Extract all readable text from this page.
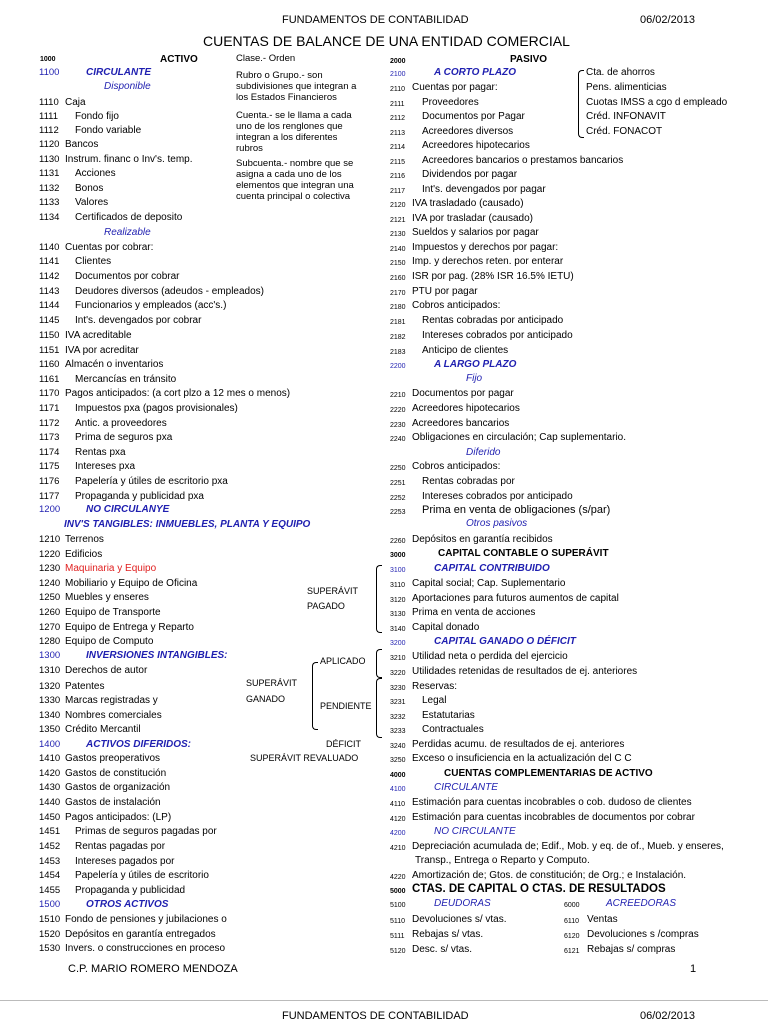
FUNDAMENTOS DE CONTABILIDAD	06/02/2013
CUENTAS DE BALANCE DE UNA ENTIDAD COMERCIAL
1000	ACTIVO
1100	CIRCULANTE
Disponible
1110 Caja
1111 Fondo fijo
1112 Fondo variable
1120 Bancos
1130 Instrum. financ o Inv's. temp.
1131 Acciones
1132 Bonos
1133 Valores
1134 Certificados de deposito
Realizable
1140 Cuentas por cobrar:
1141 Clientes
1142 Documentos por cobrar
1143 Deudores diversos (adeudos - empleados)
1144 Funcionarios y empleados (acc's.)
1145 Int's. devengados por cobrar
1150 IVA acreditable
1151 IVA por acreditar
1160 Almacén o inventarios
1161 Mercancías en tránsito
1170 Pagos anticipados: (a cort plzo a 12 mes o menos)
1171 Impuestos pxa (pagos provisionales)
1172 Antic. a proveedores
1173 Prima de seguros pxa
1174 Rentas pxa
1175 Intereses pxa
1176 Papelería y útiles de escritorio pxa
1177 Propaganda y publicidad pxa
1200	NO CIRCULANYE
INV'S TANGIBLES: INMUEBLES, PLANTA Y EQUIPO
1210 Terrenos
1220 Edificios
1230 Maquinaria y Equipo
1240 Mobiliario y Equipo de Oficina
1250 Muebles y enseres
1260 Equipo de Transporte
1270 Equipo de Entrega y Reparto
1280 Equipo de Computo
1300	INVERSIONES INTANGIBLES:
1310 Derechos de autor
1320 Patentes
1330 Marcas registradas y
1340 Nombres comerciales
1350 Crédito Mercantil
1400	ACTIVOS DIFERIDOS:
1410 Gastos preoperativos
1420 Gastos de constitución
1430 Gastos de organización
1440 Gastos de instalación
1450 Pagos anticipados: (LP)
1451 Primas de seguros pagadas por
1452 Rentas pagadas por
1453 Intereses pagados por
1454 Papelería y útiles de escritorio
1455 Propaganda y publicidad
1500	OTROS ACTIVOS
1510 Fondo de pensiones y jubilaciones o
1520 Depósitos en garantía entregados
1530 Invers. o construcciones en proceso
Clase.- Orden
Rubro o Grupo.- son subdivisiones que integran a los Estados Financieros
Cuenta.- se le llama a cada uno de los renglones que integran a los diferentes rubros
Subcuenta.- nombre que se asigna a cada uno de los elementos que integran una cuenta principal o colectiva
2000	PASIVO
2100	A CORTO PLAZO
2110 Cuentas por pagar:
2111 Proveedores
2112 Documentos por Pagar
2113 Acreedores diversos
2114 Acreedores hipotecarios
2115 Acreedores bancarios o prestamos bancarios
2116 Dividendos por pagar
2117 Int's. devengados por pagar
2120 IVA trasladado (causado)
2121 IVA por trasladar (causado)
2130 Sueldos y salarios por pagar
2140 Impuestos y derechos por pagar:
2150 Imp. y derechos reten. por enterar
2160 ISR por pag. (28% ISR 16.5% IETU)
2170 PTU por pagar
2180 Cobros anticipados:
2181 Rentas cobradas por anticipado
2182 Intereses cobrados por anticipado
2183 Anticipo de clientes
2200	A LARGO PLAZO
Fijo
2210 Documentos por pagar
2220 Acreedores hipotecarios
2230 Acreedores bancarios
2240 Obligaciones en circulación; Cap suplementario.
Diferido
2250 Cobros anticipados:
2251 Rentas cobradas por
2252 Intereses cobrados por anticipado
2253 Prima en venta de obligaciones (s/par)
Otros pasivos
2260 Depósitos en garantía recibidos
3000	CAPITAL CONTABLE O SUPERÁVIT
3100	CAPITAL CONTRIBUIDO
3110 Capital social; Cap. Suplementario
3120 Aportaciones para futuros aumentos de capital
3130 Prima en venta de acciones
3140 Capital donado
3200	CAPITAL GANADO O DÉFICIT
3210 Utilidad neta o perdida del ejercicio
3220 Utilidades retenidas de resultados de ej. anteriores
3230 Reservas:
3231 Legal
3232 Estatutarias
3233 Contractuales
3240 Perdidas acumu. de resultados de ej. anteriores
3250 Exceso o insuficiencia en la actualización del C C
4000	CUENTAS COMPLEMENTARIAS DE ACTIVO
4100	CIRCULANTE
4110 Estimación para cuentas incobrables o cob. dudoso de clientes
4120 Estimación para cuentas incobrables de documentos por cobrar
4200	NO CIRCULANTE
4210 Depreciación acumulada de; Edif., Mob. y eq. de of., Mueb. y enseres,
Transp., Entrega o Reparto y Computo.
4220 Amortización de; Gtos. de constitución; de Org.; e Instalación.
5000 CTAS. DE CAPITAL O CTAS. DE RESULTADOS
Cta. de ahorros
Pens. alimenticias
Cuotas IMSS a cgo d empleado
Créd. INFONAVIT
Créd. FONACOT
SUPERÁVIT
PAGADO
APLICADO
SUPERÁVIT
GANADO
PENDIENTE
DÉFICIT
SUPERÁVIT REVALUADO
5100	DEUDORAS	6000	ACREEDORAS
5110 Devoluciones s/ vtas.	6110 Ventas
5111 Rebajas s/ vtas.	6120 Devoluciones s /compras
5120 Desc. s/ vtas.	6121 Rebajas s/ compras
C.P. MARIO ROMERO MENDOZA	1
FUNDAMENTOS DE CONTABILIDAD	06/02/2013
